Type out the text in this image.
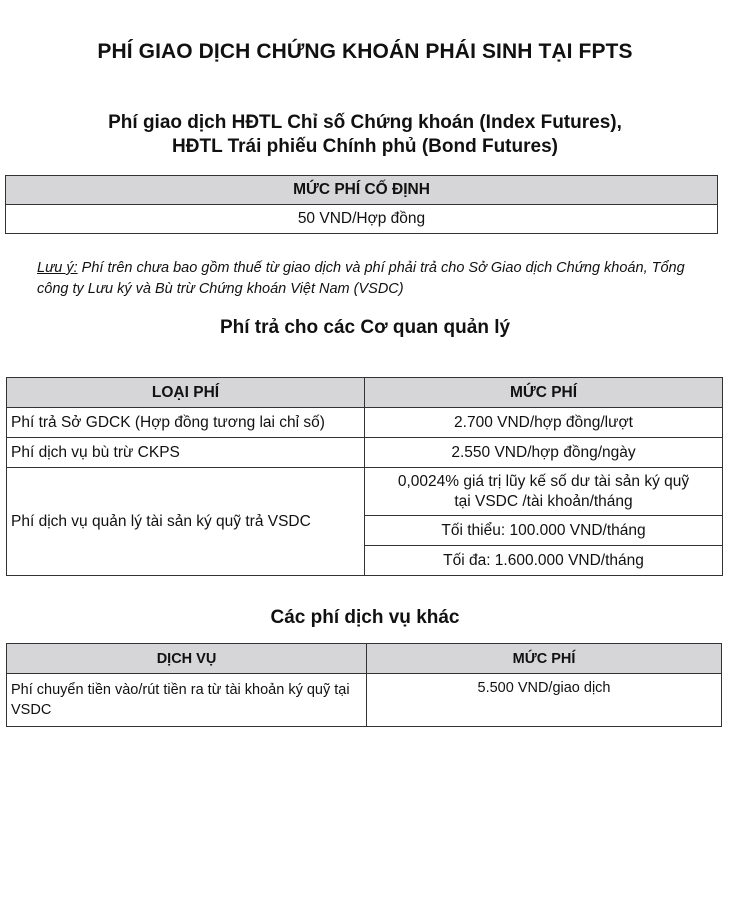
PHÍ GIAO DỊCH CHỨNG KHOÁN PHÁI SINH TẠI FPTS
Phí giao dịch HĐTL Chỉ số Chứng khoán (Index Futures),
HĐTL Trái phiếu Chính phủ (Bond Futures)
MỨC PHÍ CỐ ĐỊNH
50 VND/Hợp đồng
Lưu ý: Phí trên chưa bao gồm thuế từ giao dịch và phí phải trả cho Sở Giao dịch Chứng khoán, Tổng công ty Lưu ký và Bù trừ Chứng khoán Việt Nam (VSDC)
Phí trả cho các Cơ quan quản lý
LOẠI PHÍ	MỨC PHÍ
Phí trả Sở GDCK (Hợp đồng tương lai chỉ số)	2.700 VND/hợp đồng/lượt
Phí dịch vụ bù trừ CKPS	2.550 VND/hợp đồng/ngày
Phí dịch vụ quản lý tài sản ký quỹ trả VSDC	0,0024% giá trị lũy kế số dư tài sản ký quỹ
tại VSDC /tài khoản/tháng

	Tối thiểu: 100.000 VND/tháng
	Tối đa: 1.600.000 VND/tháng
Các phí dịch vụ khác
DỊCH VỤ	MỨC PHÍ
Phí chuyển tiền vào/rút tiền ra từ tài khoản ký quỹ tại VSDC	5.500 VND/giao dịch
